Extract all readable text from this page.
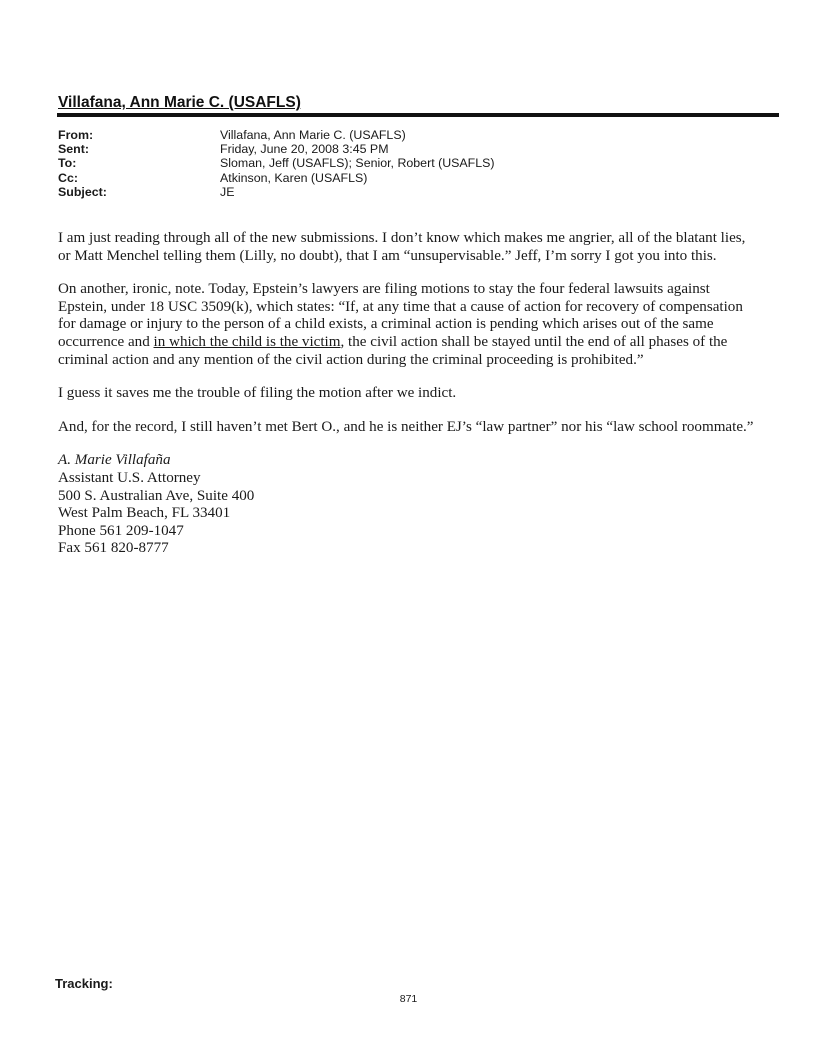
Villafana, Ann Marie C. (USAFLS)
From:	Villafana, Ann Marie C. (USAFLS)
Sent:	Friday, June 20, 2008 3:45 PM
To:	Sloman, Jeff (USAFLS); Senior, Robert (USAFLS)
Cc:	Atkinson, Karen (USAFLS)
Subject:	JE

I am just reading through all of the new submissions. I don’t know which makes me angrier, all of the blatant lies, or Matt Menchel telling them (Lilly, no doubt), that I am “unsupervisable.” Jeff, I’m sorry I got you into this.

On another, ironic, note. Today, Epstein’s lawyers are filing motions to stay the four federal lawsuits against Epstein, under 18 USC 3509(k), which states: “If, at any time that a cause of action for recovery of compensation for damage or injury to the person of a child exists, a criminal action is pending which arises out of the same occurrence and in which the child is the victim, the civil action shall be stayed until the end of all phases of the criminal action and any mention of the civil action during the criminal proceeding is prohibited.”

I guess it saves me the trouble of filing the motion after we indict.

And, for the record, I still haven’t met Bert O., and he is neither EJ’s “law partner” nor his “law school roommate.”

A. Marie Villafaña
Assistant U.S. Attorney
500 S. Australian Ave, Suite 400
West Palm Beach, FL 33401
Phone 561 209-1047
Fax 561 820-8777
Tracking:
871
